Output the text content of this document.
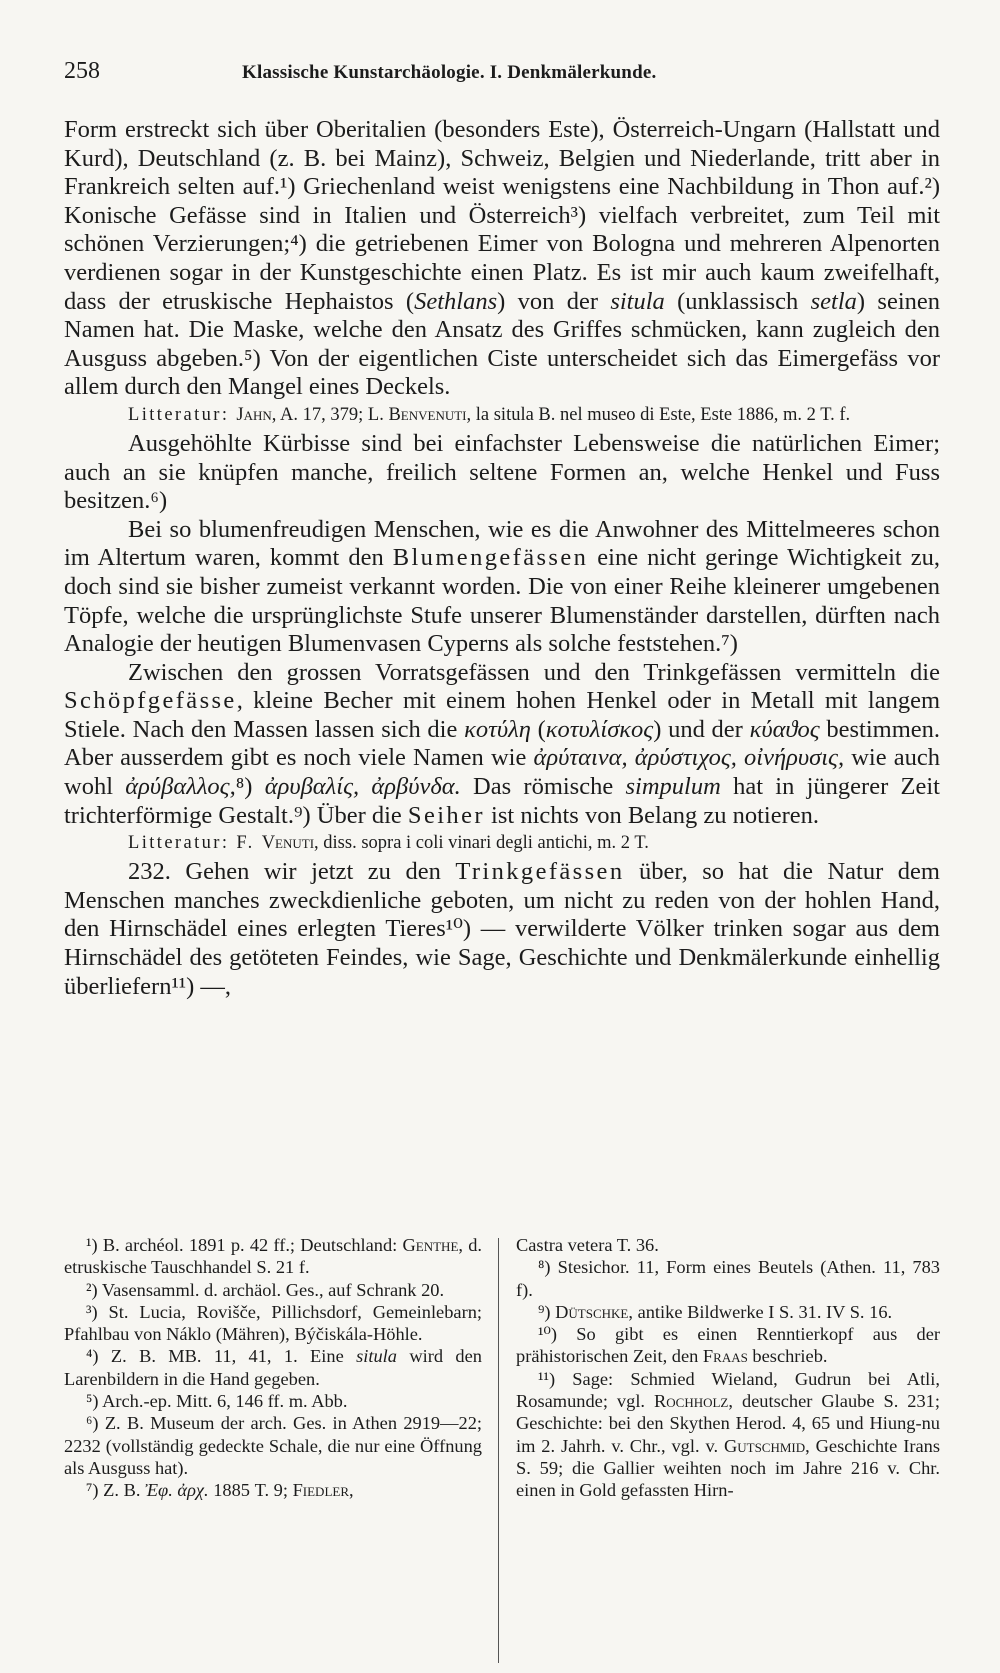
258	Klassische Kunstarchäologie. I. Denkmälerkunde.

Form erstreckt sich über Oberitalien (besonders Este), Österreich-Ungarn (Hallstatt und Kurd), Deutschland (z. B. bei Mainz), Schweiz, Belgien und Niederlande, tritt aber in Frankreich selten auf.¹) Griechenland weist wenigstens eine Nachbildung in Thon auf.²) Konische Gefässe sind in Italien und Österreich³) vielfach verbreitet, zum Teil mit schönen Verzierungen;⁴) die getriebenen Eimer von Bologna und mehreren Alpenorten verdienen sogar in der Kunstgeschichte einen Platz. Es ist mir auch kaum zweifelhaft, dass der etruskische Hephaistos (Sethlans) von der situla (unklassisch setla) seinen Namen hat. Die Maske, welche den Ansatz des Griffes schmücken, kann zugleich den Ausguss abgeben.⁵) Von der eigentlichen Ciste unterscheidet sich das Eimergefäss vor allem durch den Mangel eines Deckels.

Litteratur: Jahn, A. 17, 379; L. Benvenuti, la situla B. nel museo di Este, Este 1886, m. 2 T. f.

Ausgehöhlte Kürbisse sind bei einfachster Lebensweise die natürlichen Eimer; auch an sie knüpfen manche, freilich seltene Formen an, welche Henkel und Fuss besitzen.⁶)

Bei so blumenfreudigen Menschen, wie es die Anwohner des Mittelmeeres schon im Altertum waren, kommt den Blumengefässen eine nicht geringe Wichtigkeit zu, doch sind sie bisher zumeist verkannt worden. Die von einer Reihe kleinerer umgebenen Töpfe, welche die ursprünglichste Stufe unserer Blumenständer darstellen, dürften nach Analogie der heutigen Blumenvasen Cyperns als solche feststehen.⁷)

Zwischen den grossen Vorratsgefässen und den Trinkgefässen vermitteln die Schöpfgefässe, kleine Becher mit einem hohen Henkel oder in Metall mit langem Stiele. Nach den Massen lassen sich die κοτύλη (κοτυλίσκος) und der κύαϑος bestimmen. Aber ausserdem gibt es noch viele Namen wie ἀρύταινα, ἀρύστιχος, οἰνήρυσις, wie auch wohl ἀρύβαλλος,⁸) ἀρυβαλίς, ἀρβύνδα. Das römische simpulum hat in jüngerer Zeit trichterförmige Gestalt.⁹) Über die Seiher ist nichts von Belang zu notieren.

Litteratur: F. Venuti, diss. sopra i coli vinari degli antichi, m. 2 T.

232. Gehen wir jetzt zu den Trinkgefässen über, so hat die Natur dem Menschen manches zweckdienliche geboten, um nicht zu reden von der hohlen Hand, den Hirnschädel eines erlegten Tieres¹⁰) — verwilderte Völker trinken sogar aus dem Hirnschädel des getöteten Feindes, wie Sage, Geschichte und Denkmälerkunde einhellig überliefern¹¹) —,

¹) B. archéol. 1891 p. 42 ff.; Deutschland: Genthe, d. etruskische Tauschhandel S. 21 f.

²) Vasensamml. d. archäol. Ges., auf Schrank 20.

³) St. Lucia, Rovišče, Pillichsdorf, Gemeinlebarn; Pfahlbau von Náklo (Mähren), Býčiskála-Höhle.

⁴) Z. B. MB. 11, 41, 1. Eine situla wird den Larenbildern in die Hand gegeben.

⁵) Arch.-ep. Mitt. 6, 146 ff. m. Abb.

⁶) Z. B. Museum der arch. Ges. in Athen 2919—22; 2232 (vollständig gedeckte Schale, die nur eine Öffnung als Ausguss hat).

⁷) Z. B. Ἐφ. ἀρχ. 1885 T. 9; Fiedler,

Castra vetera T. 36.

⁸) Stesichor. 11, Form eines Beutels (Athen. 11, 783 f).

⁹) Dütschke, antike Bildwerke I S. 31. IV S. 16.

¹⁰) So gibt es einen Renntierkopf aus der prähistorischen Zeit, den Fraas beschrieb.

¹¹) Sage: Schmied Wieland, Gudrun bei Atli, Rosamunde; vgl. Rochholz, deutscher Glaube S. 231; Geschichte: bei den Skythen Herod. 4, 65 und Hiung-nu im 2. Jahrh. v. Chr., vgl. v. Gutschmid, Geschichte Irans S. 59; die Gallier weihten noch im Jahre 216 v. Chr. einen in Gold gefassten Hirn-
